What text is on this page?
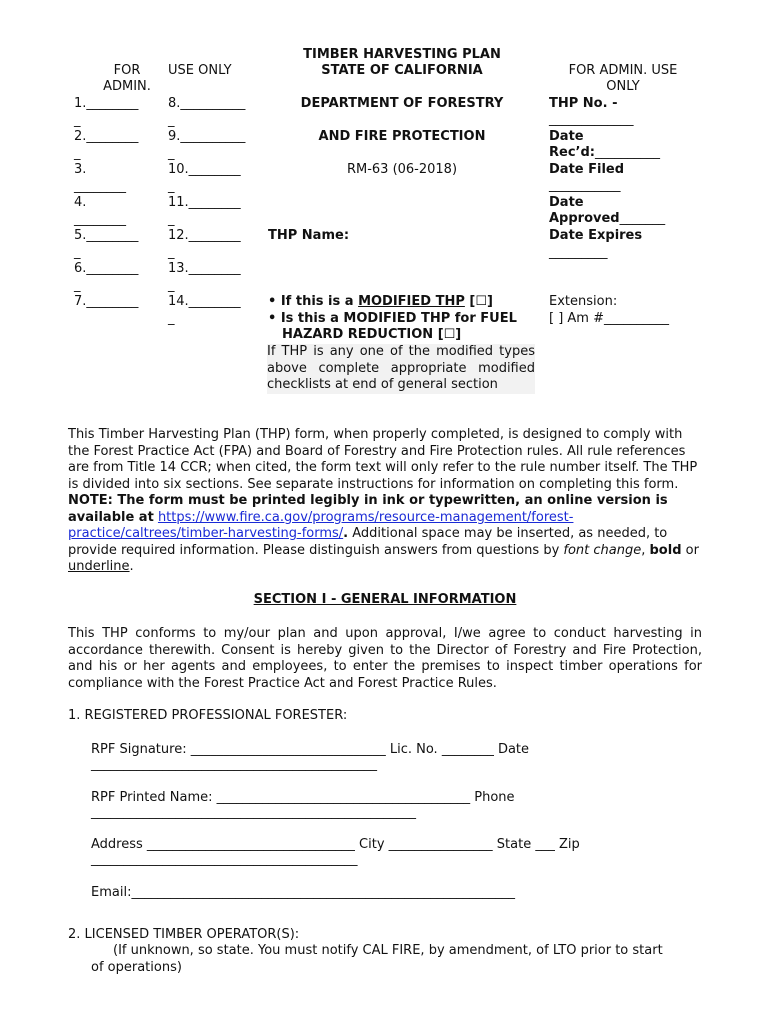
FOR
ADMIN.
USE ONLY
1.________
_
2.________
_
3.
________
4.
________
5.________
_
6.________
_
7.________
8.__________
_
9.__________
_
10.________
_
11.________
_
12.________
_
13.________
_
14.________
_
TIMBER HARVESTING PLAN
STATE OF CALIFORNIA
DEPARTMENT OF FORESTRY
AND FIRE PROTECTION
RM-63 (06-2018)
THP Name:
• If this is a MODIFIED THP [☐]
• Is this a MODIFIED THP for FUEL
HAZARD REDUCTION [☐]
If THP is any one of the modified types above complete appropriate modified checklists at end of general section
FOR ADMIN. USE
ONLY
THP No. -
_____________
Date
Rec’d:__________
Date Filed
___________
Date
Approved_______
Date Expires
_________
Extension:
[ ] Am #__________
This Timber Harvesting Plan (THP) form, when properly completed, is designed to comply with the Forest Practice Act (FPA) and Board of Forestry and Fire Protection rules. All rule references are from Title 14 CCR; when cited, the form text will only refer to the rule number itself. The THP is divided into six sections. See separate instructions for information on completing this form. NOTE: The form must be printed legibly in ink or typewritten, an online version is available at https://www.fire.ca.gov/programs/resource-management/forest-practice/caltrees/timber-harvesting-forms/. Additional space may be inserted, as needed, to provide required information. Please distinguish answers from questions by font change, bold or underline.
SECTION I - GENERAL INFORMATION
This THP conforms to my/our plan and upon approval, I/we agree to conduct harvesting in accordance therewith. Consent is hereby given to the Director of Forestry and Fire Protection, and his or her agents and employees, to enter the premises to inspect timber operations for compliance with the Forest Practice Act and Forest Practice Rules.
1. REGISTERED PROFESSIONAL FORESTER:
RPF Signature: ______________________________ Lic. No. ________ Date
____________________________________________
RPF Printed Name: _______________________________________ Phone
__________________________________________________
Address ________________________________ City ________________ State ___ Zip
_________________________________________
Email:___________________________________________________________
2. LICENSED TIMBER OPERATOR(S):
(If unknown, so state. You must notify CAL FIRE, by amendment, of LTO prior to start
of operations)
